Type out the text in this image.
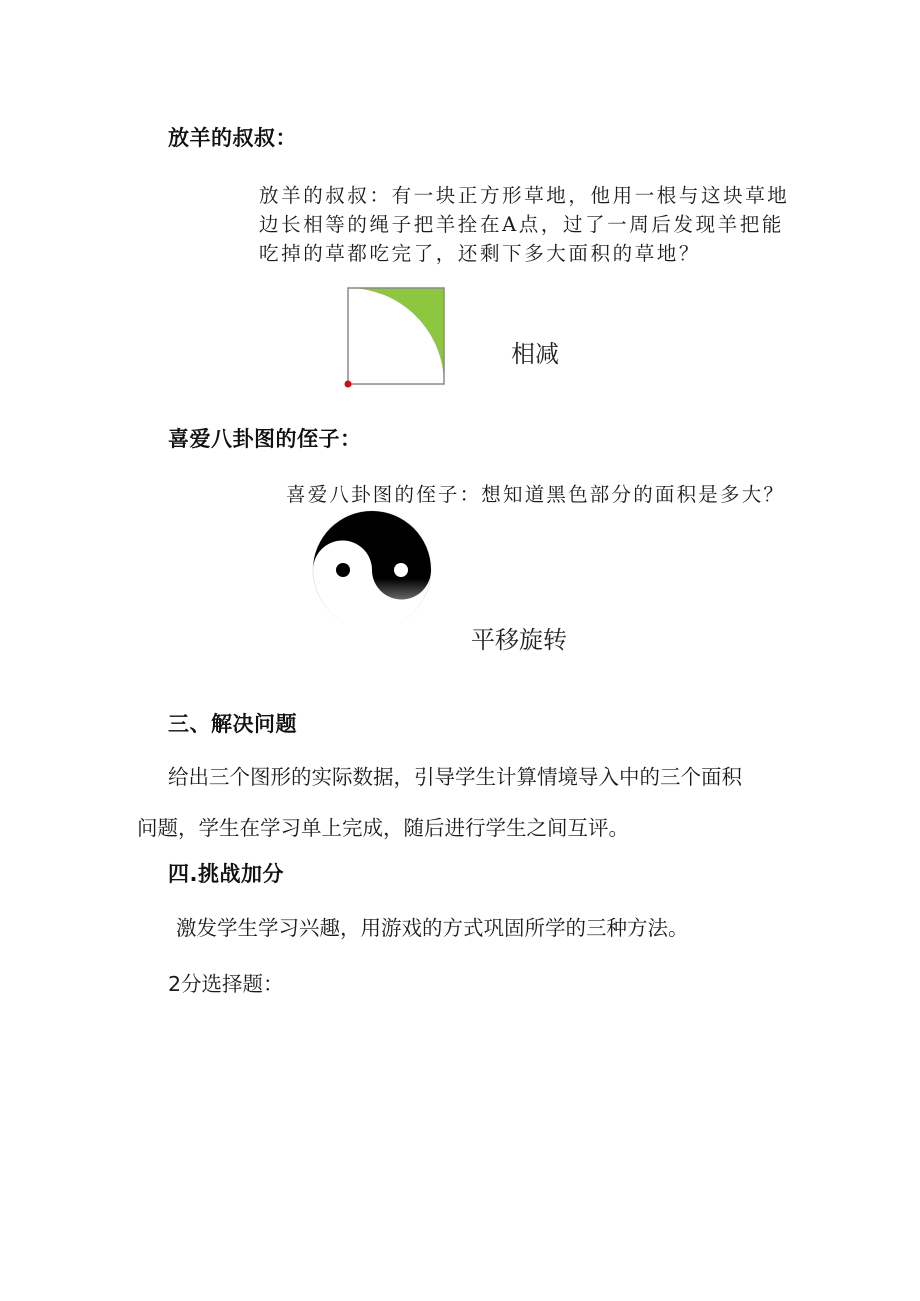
放羊的叔叔：
放羊的叔叔：有一块正方形草地，他用一根与这块草地
边长相等的绳子把羊拴在A点，过了一周后发现羊把能
吃掉的草都吃完了，还剩下多大面积的草地？
相减
喜爱八卦图的侄子：
喜爱八卦图的侄子：想知道黑色部分的面积是多大？
平移旋转
三、解决问题
给出三个图形的实际数据，引导学生计算情境导入中的三个面积
问题，学生在学习单上完成，随后进行学生之间互评。
四.挑战加分
激发学生学习兴趣，用游戏的方式巩固所学的三种方法。
2分选择题：
